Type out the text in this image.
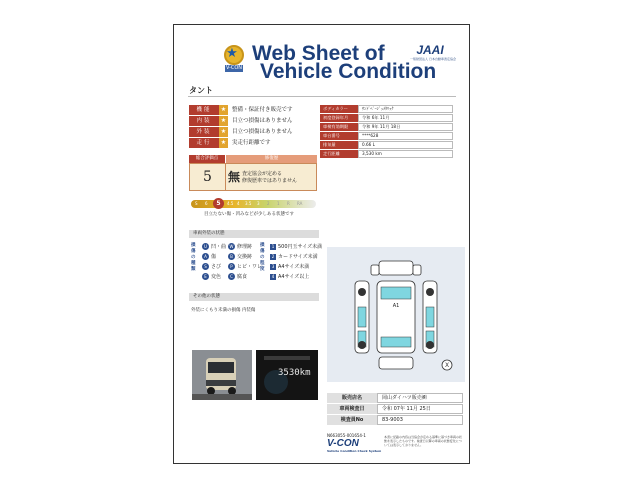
★
V-CON
Web Sheet of
Vehicle Condition
JAAI
一般財団法人 日本自動車査定協会
タント
機能	★	整備・保証付き販売です
内装	★	目立つ損傷はありません
外装	★	目立つ損傷はありません
走行	★	実走行距離です
ボディカラー	ｻﾝﾄﾞﾍﾞｰｼﾞｭﾒﾀﾘｯｸ
初度登録年月	令和 6年 11月
車検有効期限	令和 9年 11月 18日
車台番号	****628
排気量	0.66 L
走行距離	3,530 km
総合評価点	修復歴
5	無 査定協会が定める
修復歴車ではありません
S 6	5	4.5 4 3.5 3 2 1 R RA
目立たない傷・凹みなどが少しある状態です
車両外装の状態
損傷の種類
U 凹・曲
A 傷
S さび
E 変色
W 修理跡
B 交換跡
P ヒビ・ワレ
C 腐食
損傷の程度
1 500円玉サイズ未満
2 カードサイズ未満
3 A4サイズ未満
4 A4サイズ以上
その他の状態
外装にくもり未満の損傷 内装傷
A1
X
3530km
販売店名	岡山ダイハツ販売㈱
車両検査日	令和 07年 11月 25日
検査員No	83-9003
N663055-001654-1
V-CON
Vehicle Condition Check System
本書に記載の内容は当協会が定める基準に基づき車両の状態を表示したものです。検査日以降の車両の状態変化については表示しておりません。
